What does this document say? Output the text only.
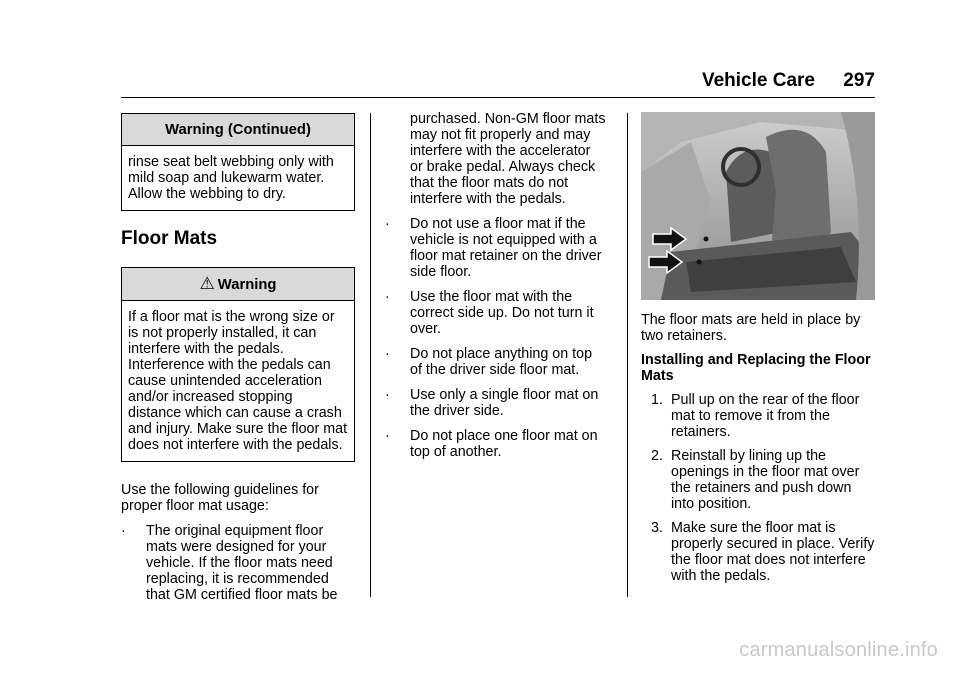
Vehicle Care 297
Warning (Continued)
rinse seat belt webbing only with mild soap and lukewarm water. Allow the webbing to dry.
Floor Mats
⚠ Warning
If a floor mat is the wrong size or is not properly installed, it can interfere with the pedals. Interference with the pedals can cause unintended acceleration and/or increased stopping distance which can cause a crash and injury. Make sure the floor mat does not interfere with the pedals.

Use the following guidelines for proper floor mat usage:

· The original equipment floor mats were designed for your vehicle. If the floor mats need replacing, it is recommended that GM certified floor mats be
purchased. Non-GM floor mats may not fit properly and may interfere with the accelerator or brake pedal. Always check that the floor mats do not interfere with the pedals.
· Do not use a floor mat if the vehicle is not equipped with a floor mat retainer on the driver side floor.
· Use the floor mat with the correct side up. Do not turn it over.
· Do not place anything on top of the driver side floor mat.
· Use only a single floor mat on the driver side.
· Do not place one floor mat on top of another.

The floor mats are held in place by two retainers.

Installing and Replacing the Floor Mats

1. Pull up on the rear of the floor mat to remove it from the retainers.
2. Reinstall by lining up the openings in the floor mat over the retainers and push down into position.
3. Make sure the floor mat is properly secured in place. Verify the floor mat does not interfere with the pedals.
carmanualsonline.info
